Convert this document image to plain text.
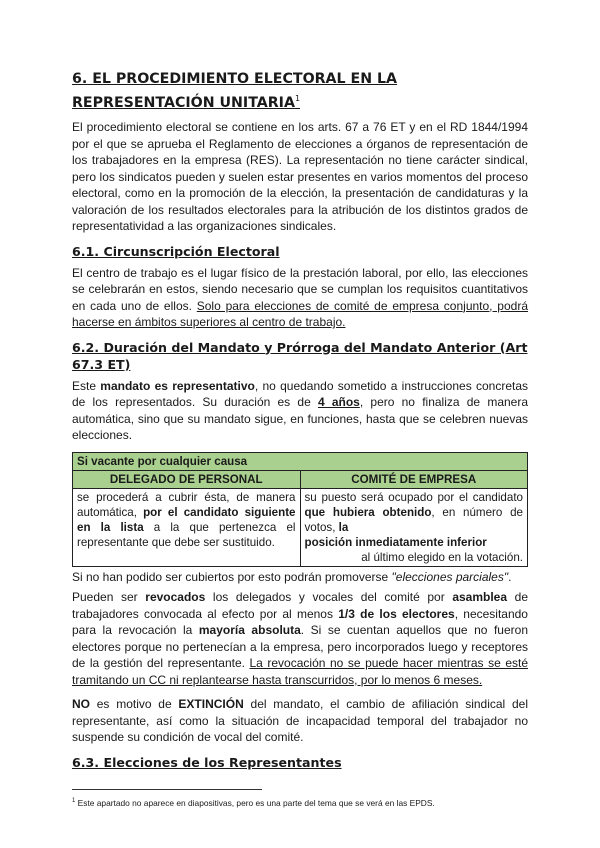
6. EL PROCEDIMIENTO ELECTORAL EN LA REPRESENTACIÓN UNITARIA$^1$

El procedimiento electoral se contiene en los arts. 67 a 76 ET y en el RD 1844/1994 por el que se aprueba el Reglamento de elecciones a órganos de representación de los trabajadores en la empresa (RES). La representación no tiene carácter sindical, pero los sindicatos pueden y suelen estar presentes en varios momentos del proceso electoral, como en la promoción de la elección, la presentación de candidaturas y la valoración de los resultados electorales para la atribución de los distintos grados de representatividad a las organizaciones sindicales.

6.1. Circunscripción Electoral

El centro de trabajo es el lugar físico de la prestación laboral, por ello, las elecciones se celebrarán en estos, siendo necesario que se cumplan los requisitos cuantitativos en cada uno de ellos. Solo para elecciones de comité de empresa conjunto, podrá hacerse en ámbitos superiores al centro de trabajo.

6.2. Duración del Mandato y Prórroga del Mandato Anterior (Art 67.3 ET)

Este mandato es representativo, no quedando sometido a instrucciones concretas de los representados. Su duración es de 4 años, pero no finaliza de manera automática, sino que su mandato sigue, en funciones, hasta que se celebren nuevas elecciones.

Si vacante por cualquier causa	
DELEGADO DE PERSONAL	COMITÉ DE EMPRESA
se procederá a cubrir ésta, de manera automática, por el candidato siguiente en la lista a la que pertenezca el representante que debe ser sustituido.	su puesto será ocupado por el candidato que hubiera obtenido, en número de votos, la
posición inmediatamente inferior
al último elegido en la votación.

Si no han podido ser cubiertos por esto podrán promoverse "elecciones parciales".

Pueden ser revocados los delegados y vocales del comité por asamblea de trabajadores convocada al efecto por al menos 1/3 de los electores, necesitando para la revocación la mayoría absoluta. Si se cuentan aquellos que no fueron electores porque no pertenecían a la empresa, pero incorporados luego y receptores de la gestión del representante. La revocación no se puede hacer mientras se esté tramitando un CC ni replantearse hasta transcurridos, por lo menos 6 meses.

NO es motivo de EXTINCIÓN del mandato, el cambio de afiliación sindical del representante, así como la situación de incapacidad temporal del trabajador no suspende su condición de vocal del comité.

6.3. Elecciones de los Representantes
$^1$ Este apartado no aparece en diapositivas, pero es una parte del tema que se verá en las EPDS.
